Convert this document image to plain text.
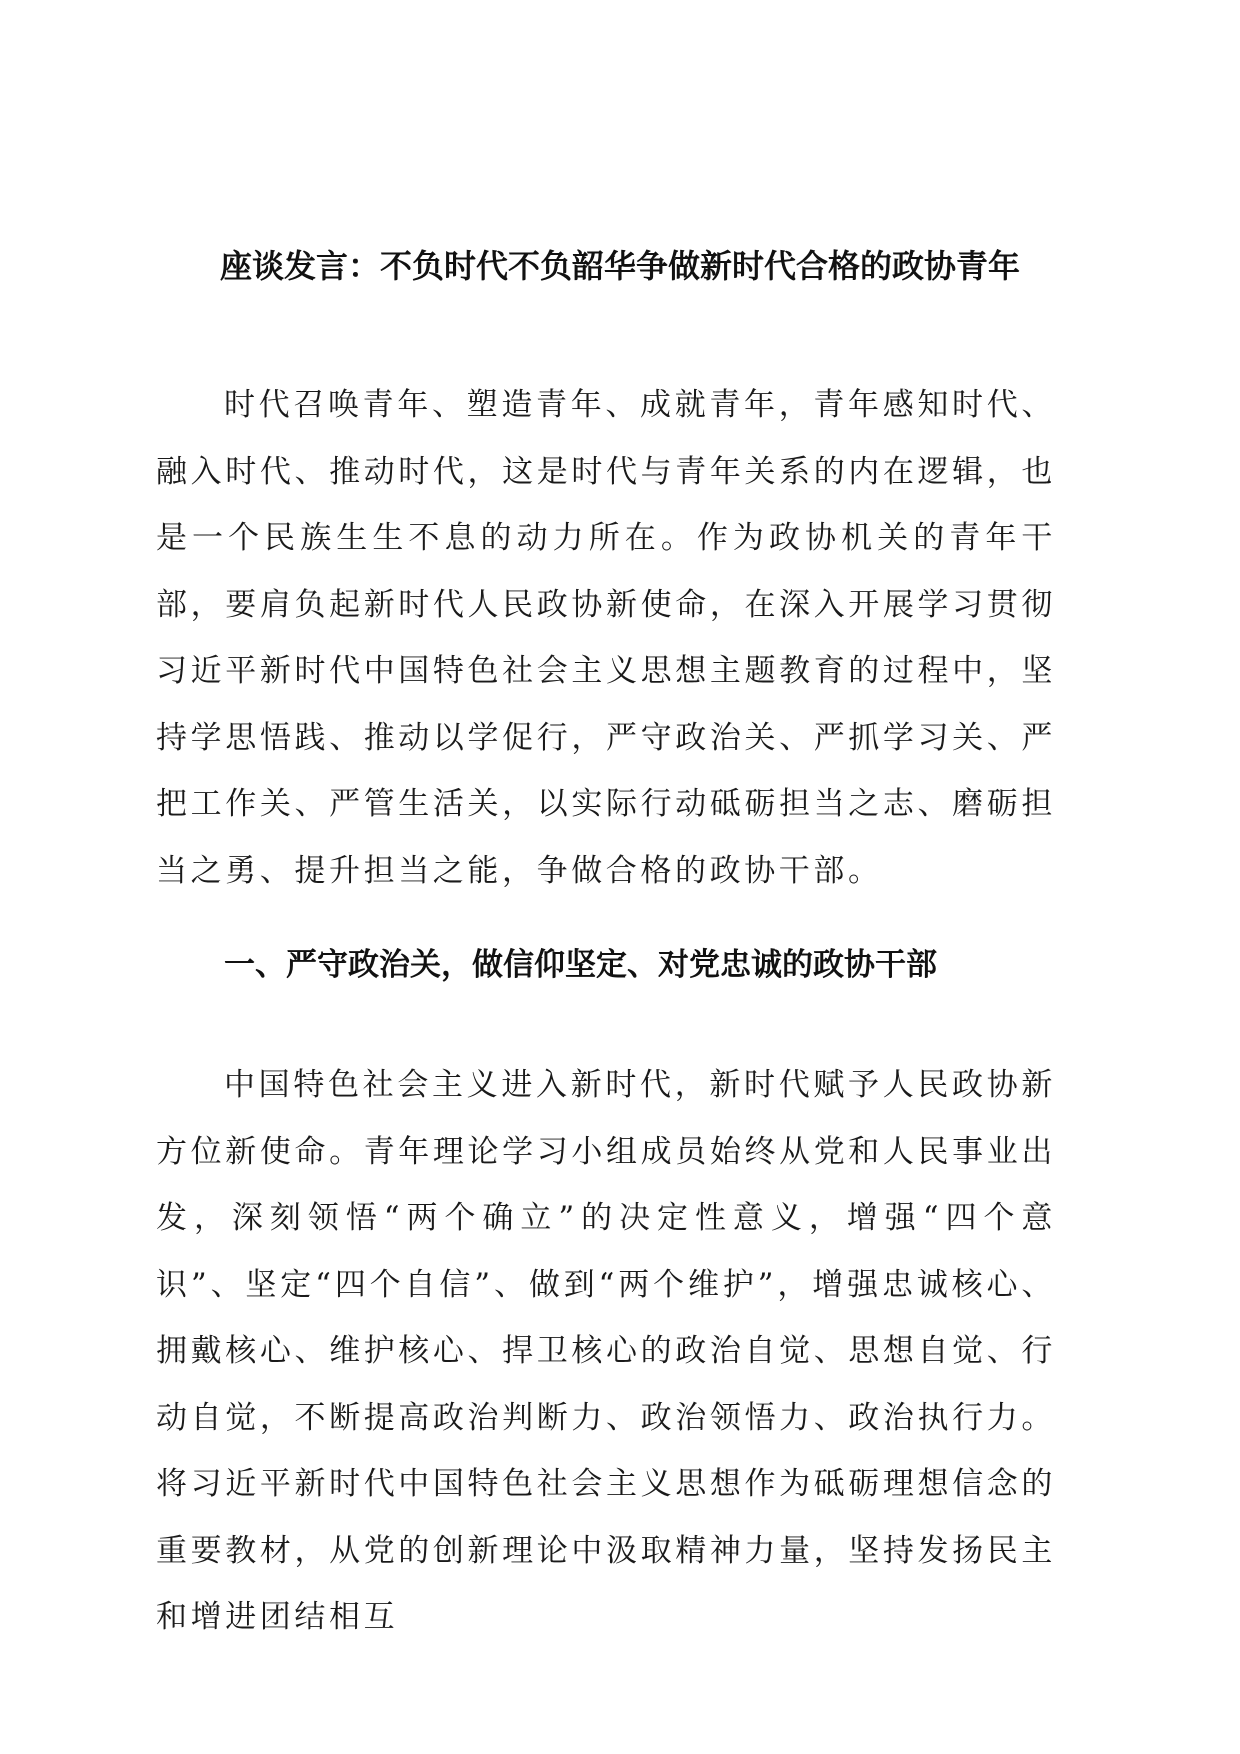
座谈发言：不负时代不负韶华争做新时代合格的政协青年

时代召唤青年、塑造青年、成就青年，青年感知时代、融入时代、推动时代，这是时代与青年关系的内在逻辑，也是一个民族生生不息的动力所在。作为政协机关的青年干部，要肩负起新时代人民政协新使命，在深入开展学习贯彻习近平新时代中国特色社会主义思想主题教育的过程中，坚持学思悟践、推动以学促行，严守政治关、严抓学习关、严把工作关、严管生活关，以实际行动砥砺担当之志、磨砺担当之勇、提升担当之能，争做合格的政协干部。

一、严守政治关，做信仰坚定、对党忠诚的政协干部

中国特色社会主义进入新时代，新时代赋予人民政协新方位新使命。青年理论学习小组成员始终从党和人民事业出发，深刻领悟“两个确立”的决定性意义，增强“四个意识”、坚定“四个自信”、做到“两个维护”，增强忠诚核心、拥戴核心、维护核心、捍卫核心的政治自觉、思想自觉、行动自觉，不断提高政治判断力、政治领悟力、政治执行力。将习近平新时代中国特色社会主义思想作为砥砺理想信念的重要教材，从党的创新理论中汲取精神力量，坚持发扬民主和增进团结相互
